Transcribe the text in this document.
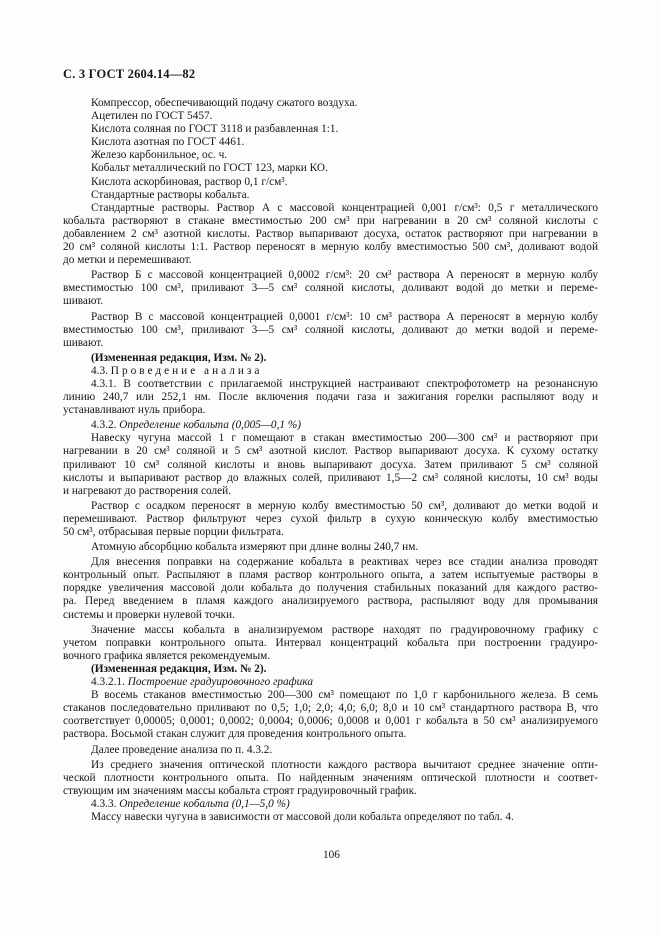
С. 3 ГОСТ 2604.14—82
Компрессор, обеспечивающий подачу сжатого воздуха.
Ацетилен по ГОСТ 5457.
Кислота соляная по ГОСТ 3118 и разбавленная 1:1.
Кислота азотная по ГОСТ 4461.
Железо карбонильное, ос. ч.
Кобальт металлический по ГОСТ 123, марки КО.
Кислота аскорбиновая, раствор 0,1 г/см³.
Стандартные растворы кобальта.
Стандартные растворы. Раствор А с массовой концентрацией 0,001 г/см³: 0,5 г металлического
кобальта растворяют в стакане вместимостью 200 см³ при нагревании в 20 см³ соляной кислоты с
добавлением 2 см³ азотной кислоты. Раствор выпаривают досуха, остаток растворяют при нагревании в
20 см³ соляной кислоты 1:1. Раствор переносят в мерную колбу вместимостью 500 см³, доливают водой
до метки и перемешивают.
Раствор Б с массовой концентрацией 0,0002 г/см³: 20 см³ раствора А переносят в мерную колбу
вместимостью 100 см³, приливают 3—5 см³ соляной кислоты, доливают водой до метки и переме-
шивают.
Раствор В с массовой концентрацией 0,0001 г/см³: 10 см³ раствора А переносят в мерную колбу
вместимостью 100 см³, приливают 3—5 см³ соляной кислоты, доливают до метки водой и переме-
шивают.
(Измененная редакция, Изм. № 2).
4.3. Проведение анализа
4.3.1. В соответствии с прилагаемой инструкцией настраивают спектрофотометр на резонансную
линию 240,7 или 252,1 нм. После включения подачи газа и зажигания горелки распыляют воду и
устанавливают нуль прибора.
4.3.2. Определение кобальта (0,005—0,1 %)
Навеску чугуна массой 1 г помещают в стакан вместимостью 200—300 см³ и растворяют при
нагревании в 20 см³ соляной и 5 см³ азотной кислот. Раствор выпаривают досуха. К сухому остатку
приливают 10 см³ соляной кислоты и вновь выпаривают досуха. Затем приливают 5 см³ соляной
кислоты и выпаривают раствор до влажных солей, приливают 1,5—2 см³ соляной кислоты, 10 см³ воды
и нагревают до растворения солей.
Раствор с осадком переносят в мерную колбу вместимостью 50 см³, доливают до метки водой и
перемешивают. Раствор фильтруют через сухой фильтр в сухую коническую колбу вместимостью
50 см³, отбрасывая первые порции фильтрата.
Атомную абсорбцию кобальта измеряют при длине волны 240,7 нм.
Для внесения поправки на содержание кобальта в реактивах через все стадии анализа проводят
контрольный опыт. Распыляют в пламя раствор контрольного опыта, а затем испытуемые растворы в
порядке увеличения массовой доли кобальта до получения стабильных показаний для каждого раство-
ра. Перед введением в пламя каждого анализируемого раствора, распыляют воду для промывания
системы и проверки нулевой точки.
Значение массы кобальта в анализируемом растворе находят по градуировочному графику с
учетом поправки контрольного опыта. Интервал концентраций кобальта при построении градуиро-
вочного графика является рекомендуемым.
(Измененная редакция, Изм. № 2).
4.3.2.1. Построение градуировочного графика
В восемь стаканов вместимостью 200—300 см³ помещают по 1,0 г карбонильного железа. В семь
стаканов последовательно приливают по 0,5; 1,0; 2,0; 4,0; 6,0; 8,0 и 10 см³ стандартного раствора В, что
соответствует 0,00005; 0,0001; 0,0002; 0,0004; 0,0006; 0,0008 и 0,001 г кобальта в 50 см³ анализируемого
раствора. Восьмой стакан служит для проведения контрольного опыта.
Далее проведение анализа по п. 4.3.2.
Из среднего значения оптической плотности каждого раствора вычитают среднее значение опти-
ческой плотности контрольного опыта. По найденным значениям оптической плотности и соответ-
ствующим им значениям массы кобальта строят градуировочный график.
4.3.3. Определение кобальта (0,1—5,0 %)
Массу навески чугуна в зависимости от массовой доли кобальта определяют по табл. 4.
106
